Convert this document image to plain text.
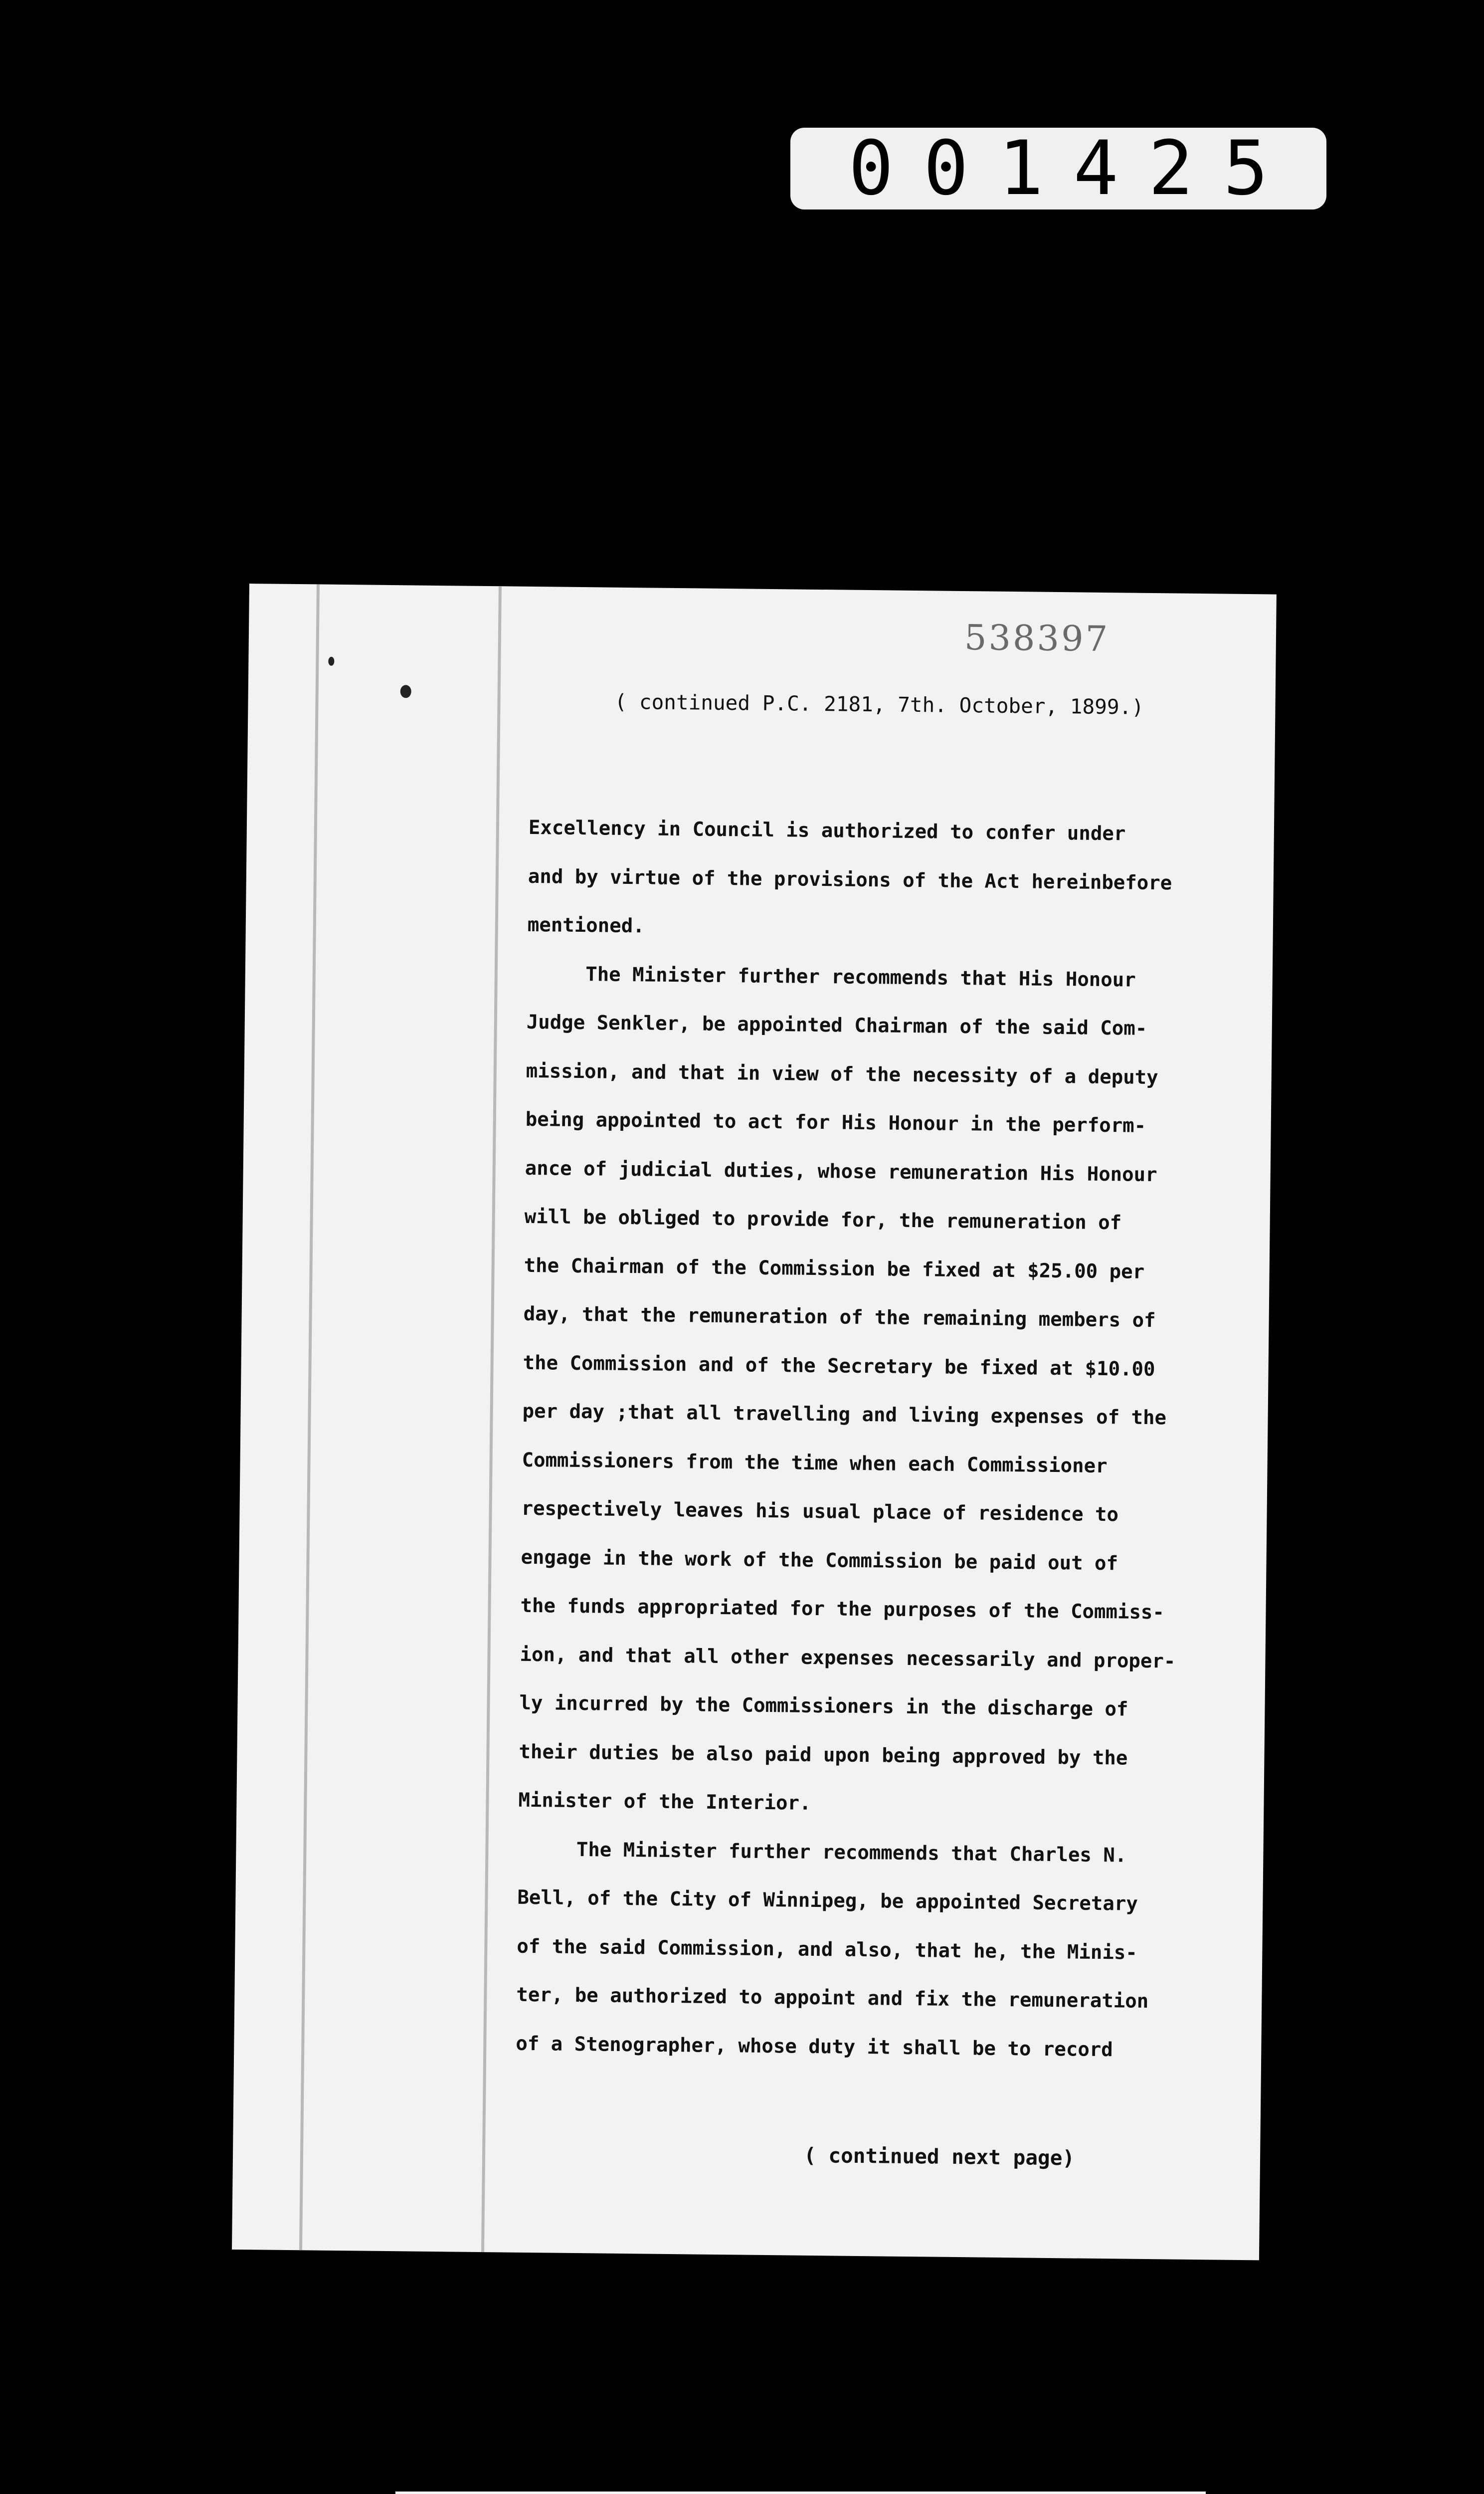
001425
538397
( continued P.C. 2181, 7th. October, 1899.)
Excellency in Council is authorized to confer under
and by virtue of the provisions of the Act hereinbefore
mentioned.
The Minister further recommends that His Honour
Judge Senkler, be appointed Chairman of the said Com-
mission, and that in view of the necessity of a deputy
being appointed to act for His Honour in the perform-
ance of judicial duties, whose remuneration His Honour
will be obliged to provide for, the remuneration of
the Chairman of the Commission be fixed at $25.00 per
day, that the remuneration of the remaining members of
the Commission and of the Secretary be fixed at $10.00
per day ;that all travelling and living expenses of the
Commissioners from the time when each Commissioner
respectively leaves his usual place of residence to
engage in the work of the Commission be paid out of
the funds appropriated for the purposes of the Commiss-
ion, and that all other expenses necessarily and proper-
ly incurred by the Commissioners in the discharge of
their duties be also paid upon being approved by the
Minister of the Interior.
The Minister further recommends that Charles N.
Bell, of the City of Winnipeg, be appointed Secretary
of the said Commission, and also, that he, the Minis-
ter, be authorized to appoint and fix the remuneration
of a Stenographer, whose duty it shall be to record
( continued next page)
